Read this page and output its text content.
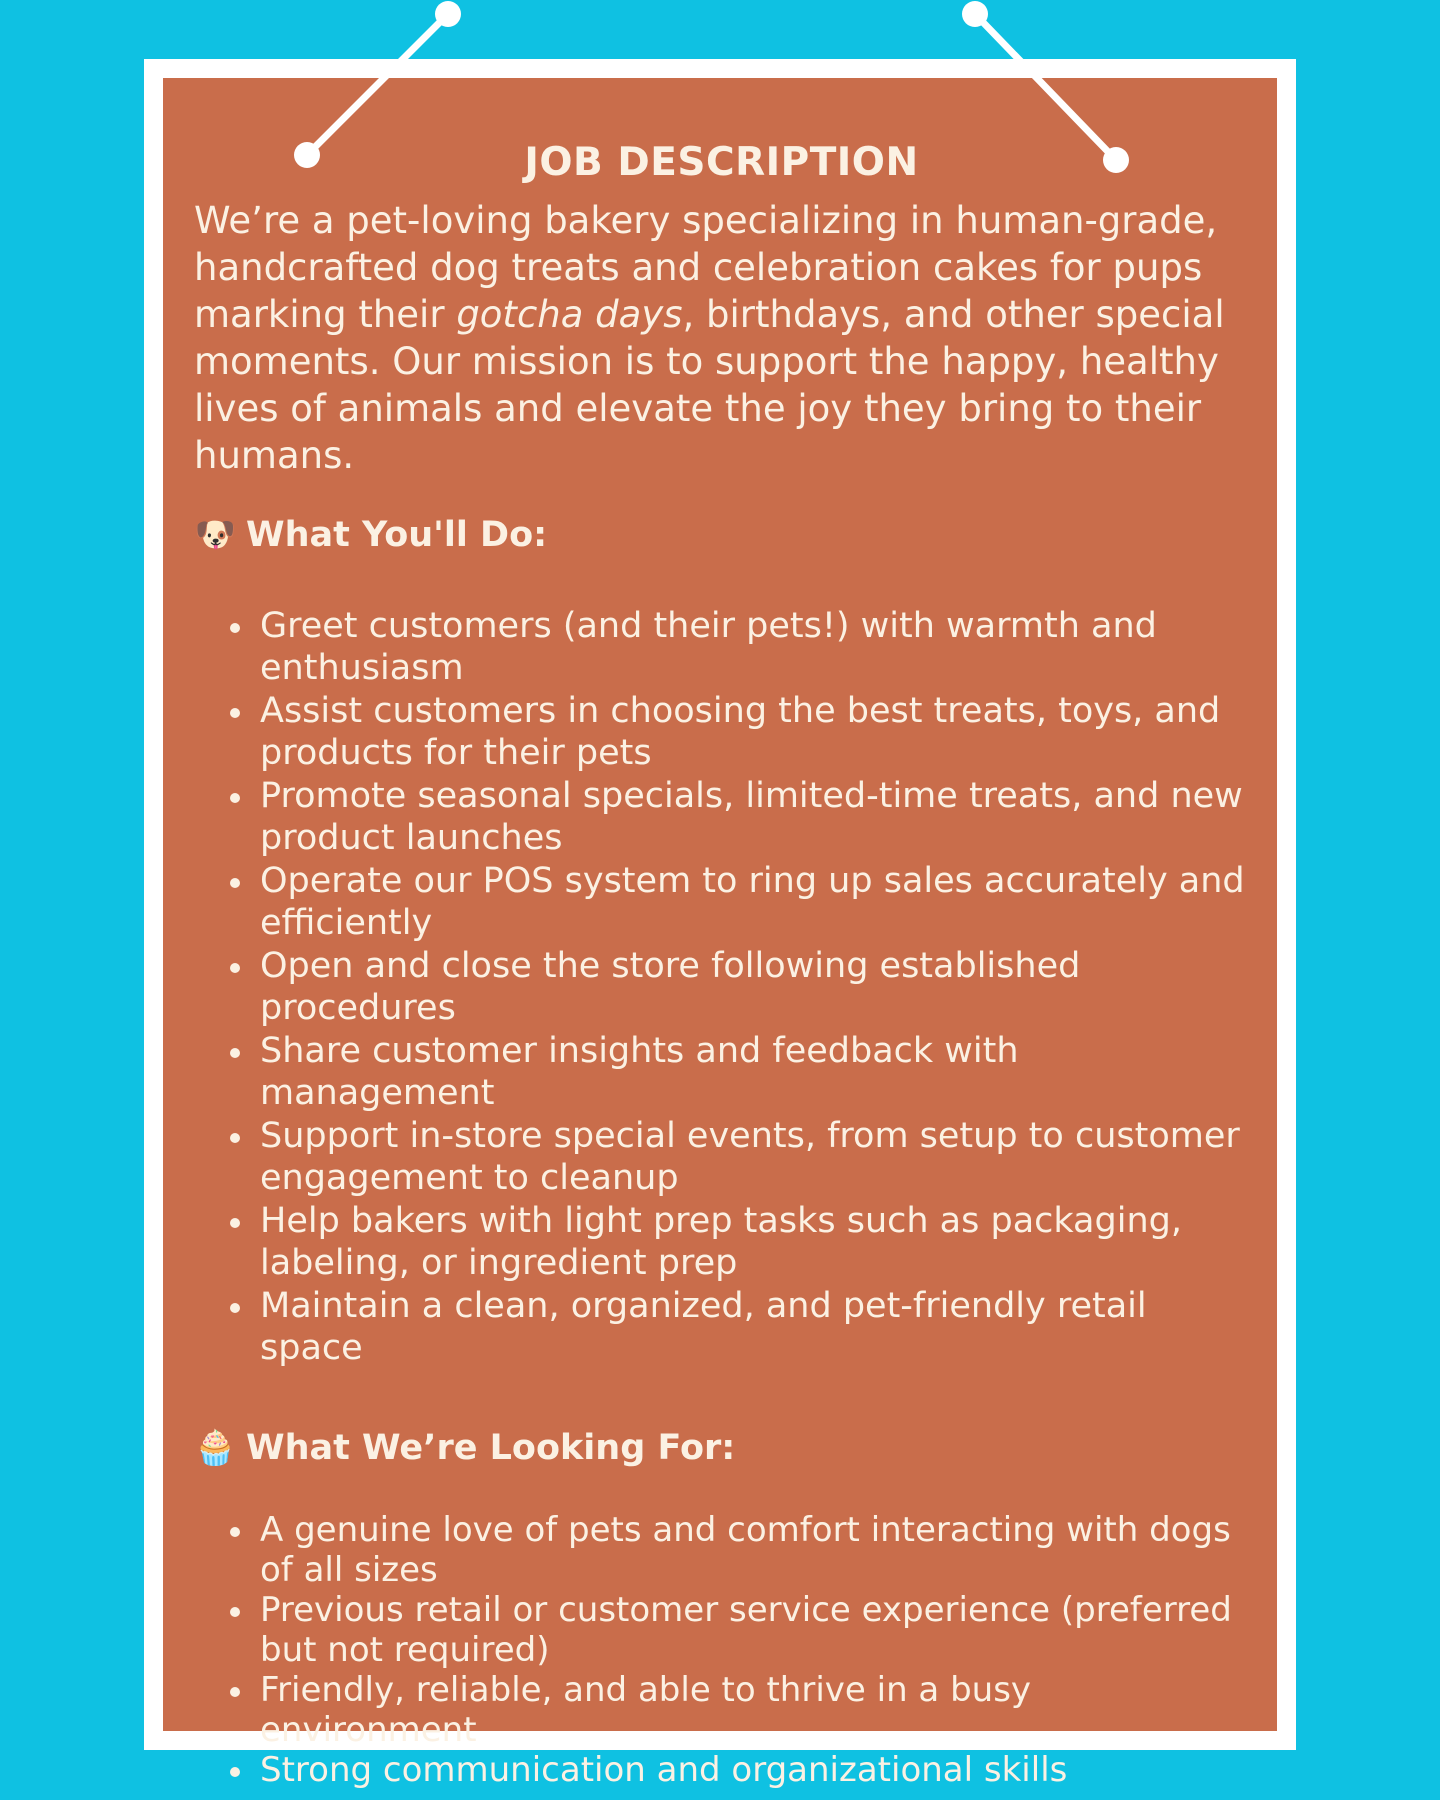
JOB DESCRIPTION

We’re a pet-loving bakery specializing in human-grade, handcrafted dog treats and celebration cakes for pups marking their gotcha days, birthdays, and other special moments. Our mission is to support the happy, healthy lives of animals and elevate the joy they bring to their humans.

🐶 What You'll Do:
Greet customers (and their pets!) with warmth and enthusiasm
Assist customers in choosing the best treats, toys, and products for their pets
Promote seasonal specials, limited-time treats, and new product launches
Operate our POS system to ring up sales accurately and efficiently
Open and close the store following established procedures
Share customer insights and feedback with management
Support in-store special events, from setup to customer engagement to cleanup
Help bakers with light prep tasks such as packaging, labeling, or ingredient prep
Maintain a clean, organized, and pet-friendly retail space
🧁 What We’re Looking For:
A genuine love of pets and comfort interacting with dogs of all sizes
Previous retail or customer service experience (preferred but not required)
Friendly, reliable, and able to thrive in a busy environment
Strong communication and organizational skills
